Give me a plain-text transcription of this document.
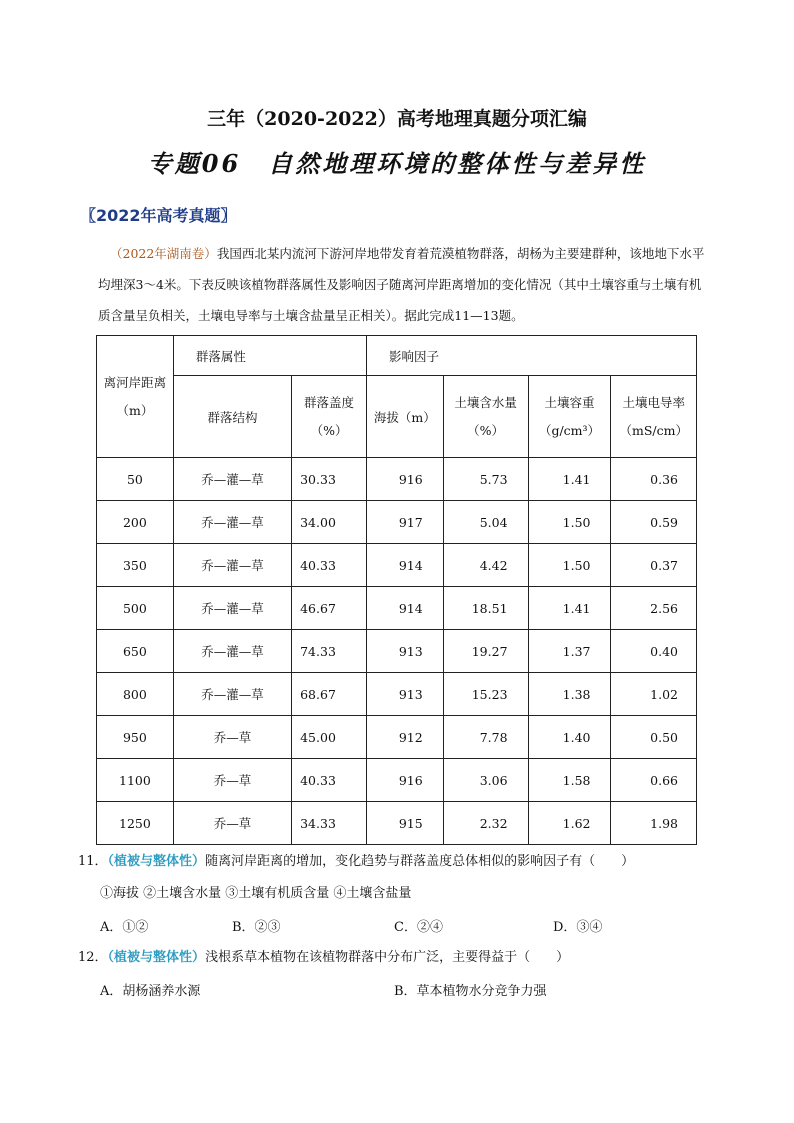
三年（2020-2022）高考地理真题分项汇编
专题06　自然地理环境的整体性与差异性
〖2022年高考真题〗
（2022年湖南卷）我国西北某内流河下游河岸地带发育着荒漠植物群落，胡杨为主要建群种，该地地下水平均埋深3～4米。下表反映该植物群落属性及影响因子随离河岸距离增加的变化情况（其中土壤容重与土壤有机质含量呈负相关，土壤电导率与土壤含盐量呈正相关）。据此完成11—13题。
离河岸距离（m）	群落属性		影响因子			
	群落结构	群落盖度（%）	海拔（m）	土壤含水量（%）	土壤容重（g/cm³）	土壤电导率（mS/cm）
50	乔—灌—草	30.33	916	5.73	1.41	0.36
200	乔—灌—草	34.00	917	5.04	1.50	0.59
350	乔—灌—草	40.33	914	4.42	1.50	0.37
500	乔—灌—草	46.67	914	18.51	1.41	2.56
650	乔—灌—草	74.33	913	19.27	1.37	0.40
800	乔—灌—草	68.67	913	15.23	1.38	1.02
950	乔—草	45.00	912	7.78	1.40	0.50
1100	乔—草	40.33	916	3.06	1.58	0.66
1250	乔—草	34.33	915	2.32	1.62	1.98
11．（植被与整体性）随离河岸距离的增加，变化趋势与群落盖度总体相似的影响因子有（　　）
①海拔 ②土壤含水量 ③土壤有机质含量 ④土壤含盐量
A．①②	B．②③	C．②④	D．③④
12．（植被与整体性）浅根系草本植物在该植物群落中分布广泛，主要得益于（　　）
A．胡杨涵养水源	B．草本植物水分竞争力强
